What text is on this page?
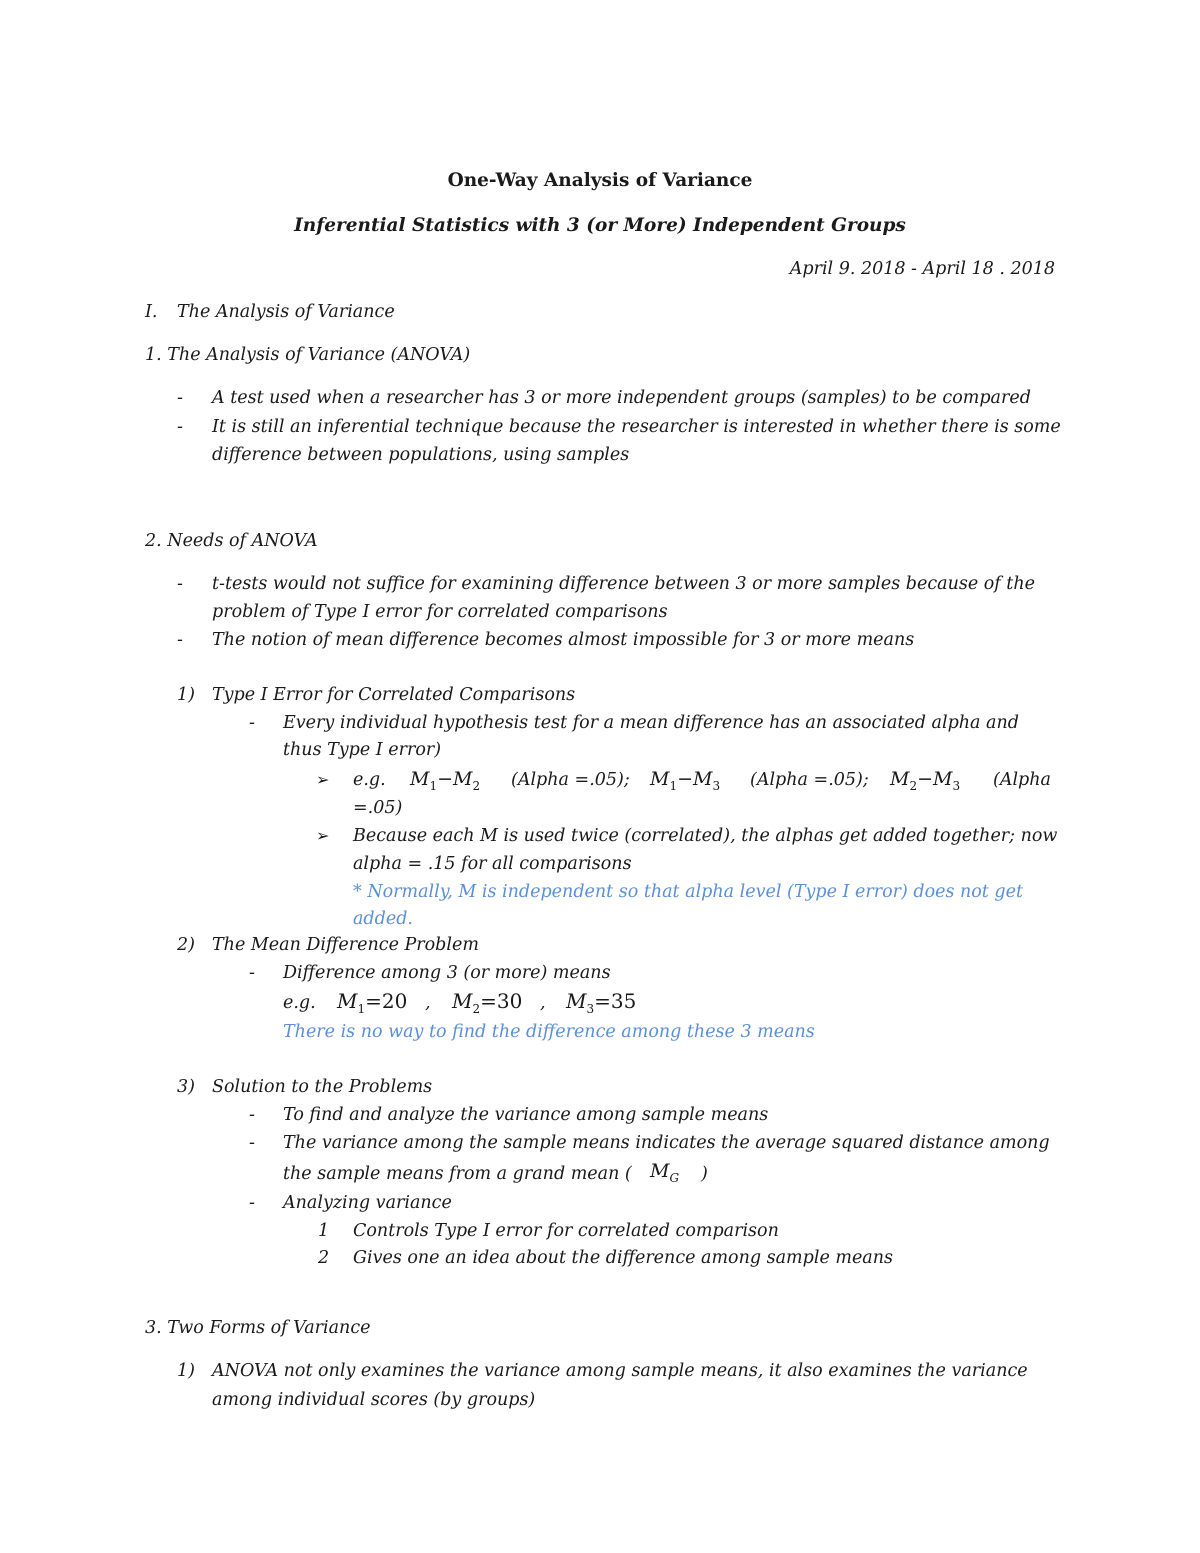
One-Way Analysis of Variance
Inferential Statistics with 3 (or More) Independent Groups
April 9. 2018 - April 18 . 2018
I. The Analysis of Variance
1. The Analysis of Variance (ANOVA)
- A test used when a researcher has 3 or more independent groups (samples) to be compared
- It is still an inferential technique because the researcher is interested in whether there is some
difference between populations, using samples
2. Needs of ANOVA
- t-tests would not suffice for examining difference between 3 or more samples because of the
problem of Type I error for correlated comparisons
- The notion of mean difference becomes almost impossible for 3 or more means
1) Type I Error for Correlated Comparisons
- Every individual hypothesis test for a mean difference has an associated alpha and
thus Type I error)
➢ e.g. $M_1-M_2$ (Alpha =.05); $M_1-M_3$ (Alpha =.05); $M_2-M_3$ (Alpha
=.05)
➢ Because each M is used twice (correlated), the alphas get added together; now
alpha = .15 for all comparisons
* Normally, M is independent so that alpha level (Type I error) does not get
added.
2) The Mean Difference Problem
- Difference among 3 (or more) means
e.g. $M_1=20$ , $M_2=30$ , $M_3=35$
There is no way to find the difference among these 3 means
3) Solution to the Problems
- To find and analyze the variance among sample means
- The variance among the sample means indicates the average squared distance among
the sample means from a grand mean ( $M_G$ )
- Analyzing variance
1 Controls Type I error for correlated comparison
2 Gives one an idea about the difference among sample means
3. Two Forms of Variance
1) ANOVA not only examines the variance among sample means, it also examines the variance
among individual scores (by groups)
